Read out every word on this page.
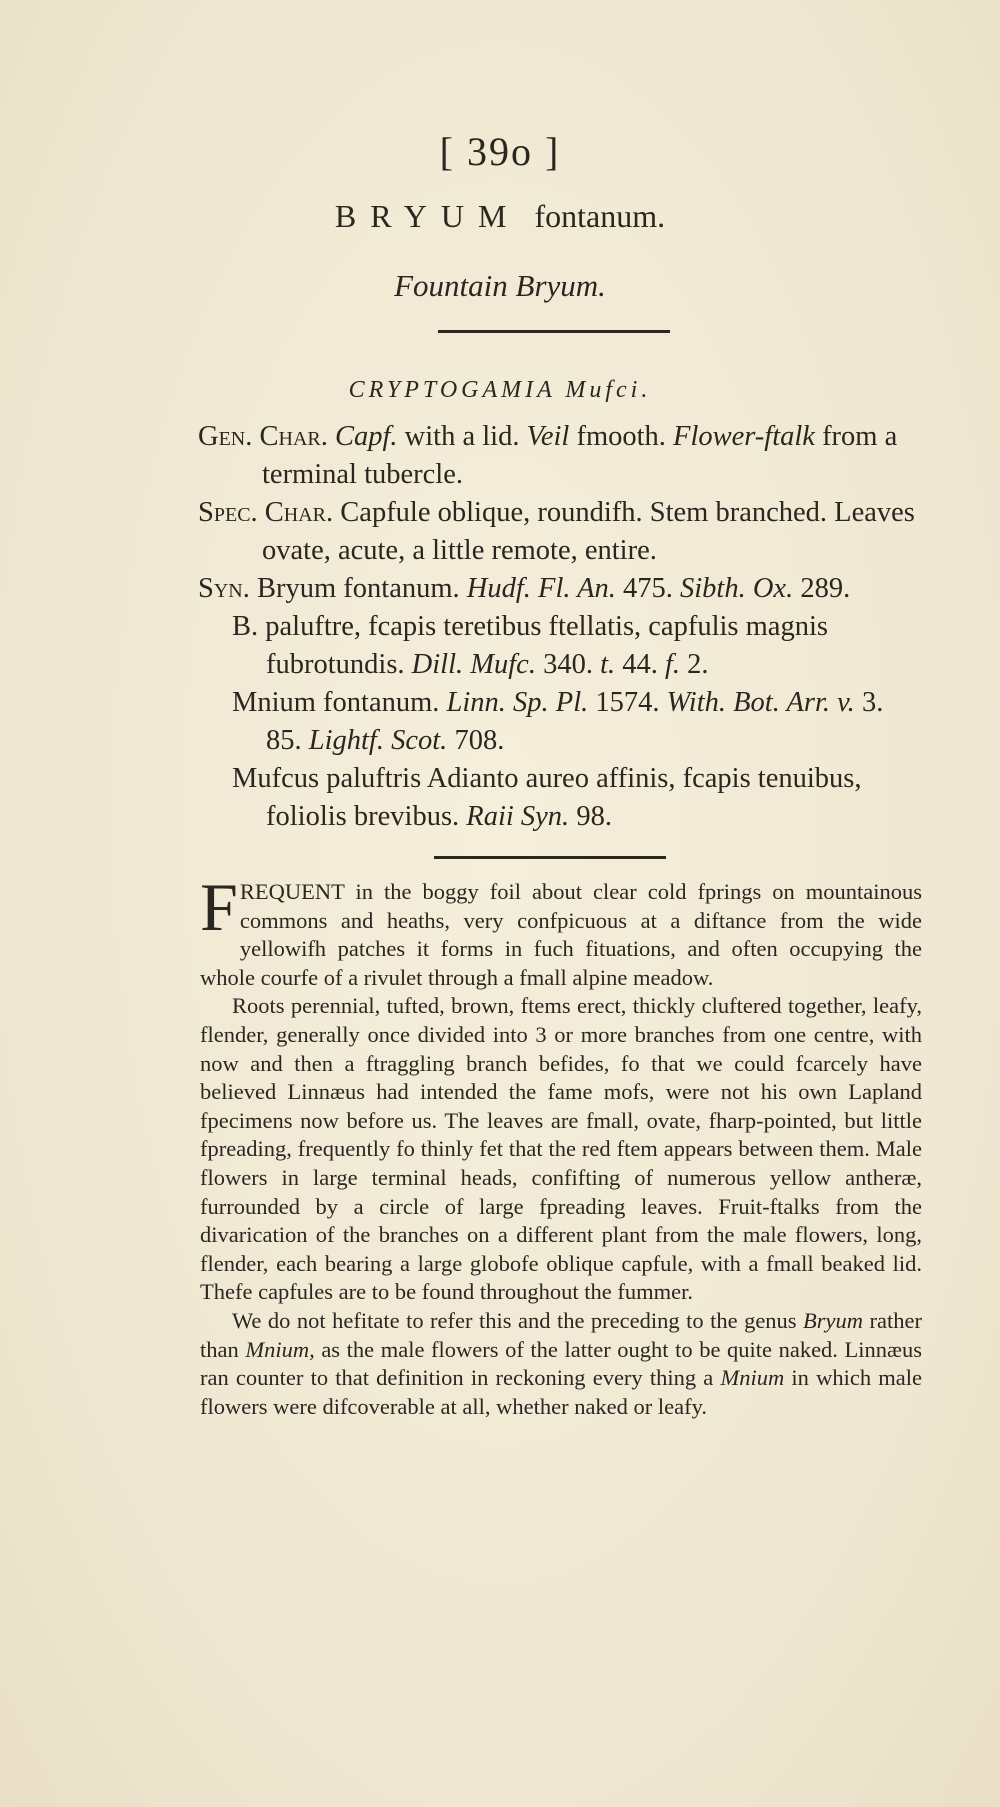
[ 39o ]
BRYUM fontanum.
Fountain Bryum.
CRYPTOGAMIA Mufci.

Gen. Char. Capf. with a lid. Veil fmooth. Flower-ftalk from a terminal tubercle.

Spec. Char. Capfule oblique, roundifh. Stem branched. Leaves ovate, acute, a little remote, entire.

Syn. Bryum fontanum. Hudf. Fl. An. 475. Sibth. Ox. 289.

B. paluftre, fcapis teretibus ftellatis, capfulis magnis fubrotundis. Dill. Mufc. 340. t. 44. f. 2.

Mnium fontanum. Linn. Sp. Pl. 1574. With. Bot. Arr. v. 3. 85. Lightf. Scot. 708.

Mufcus paluftris Adianto aureo affinis, fcapis tenuibus, foliolis brevibus. Raii Syn. 98.

FREQUENT in the boggy foil about clear cold fprings on mountainous commons and heaths, very confpicuous at a diftance from the wide yellowifh patches it forms in fuch fituations, and often occupying the whole courfe of a rivulet through a fmall alpine meadow.

Roots perennial, tufted, brown, ftems erect, thickly cluftered together, leafy, flender, generally once divided into 3 or more branches from one centre, with now and then a ftraggling branch befides, fo that we could fcarcely have believed Linnæus had intended the fame mofs, were not his own Lapland fpecimens now before us. The leaves are fmall, ovate, fharp-pointed, but little fpreading, frequently fo thinly fet that the red ftem appears between them. Male flowers in large terminal heads, confifting of numerous yellow antheræ, furrounded by a circle of large fpreading leaves. Fruit-ftalks from the divarication of the branches on a different plant from the male flowers, long, flender, each bearing a large globofe oblique capfule, with a fmall beaked lid. Thefe capfules are to be found throughout the fummer.

We do not hefitate to refer this and the preceding to the genus Bryum rather than Mnium, as the male flowers of the latter ought to be quite naked. Linnæus ran counter to that definition in reckoning every thing a Mnium in which male flowers were difcoverable at all, whether naked or leafy.
